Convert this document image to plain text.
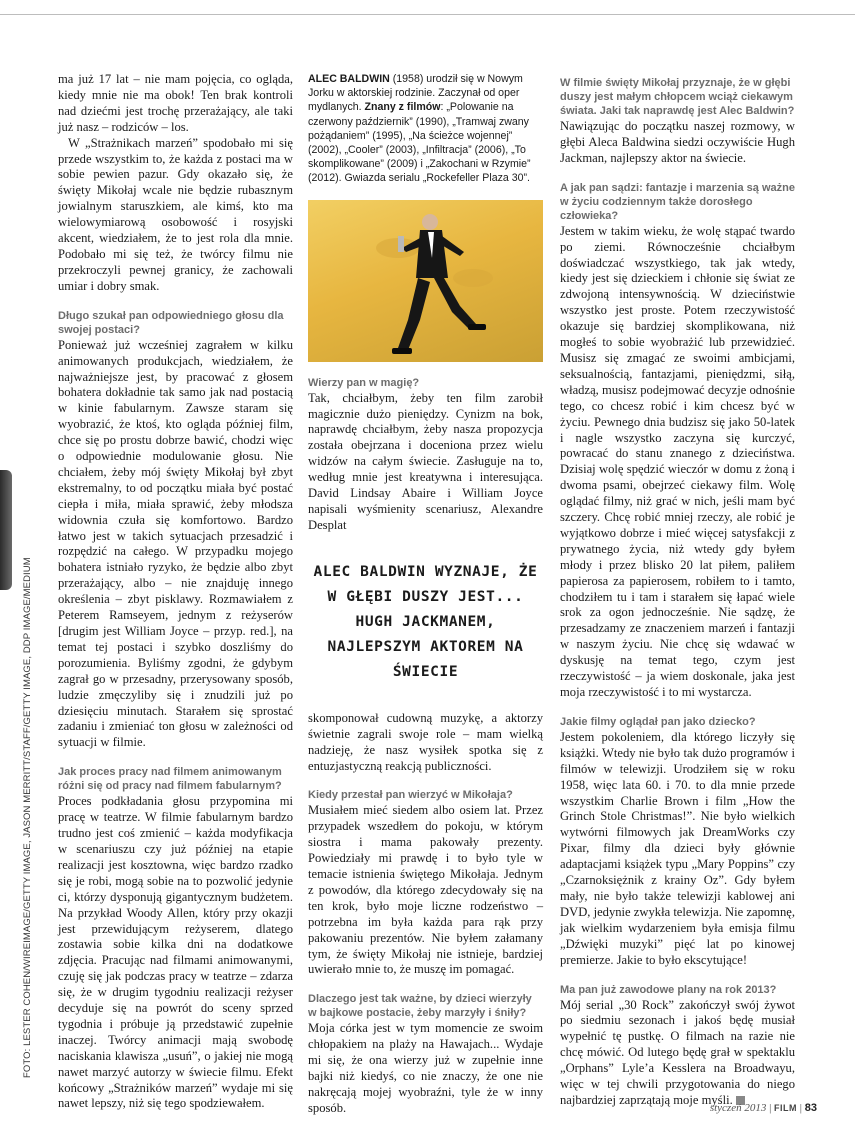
FOTO: LESTER COHEN/WIREIMAGE/GETTY IMAGE, JASON MERRITT/STAFF/GETTY IMAGE, DDP IMAGE/MEDIUM

ma już 17 lat – nie mam pojęcia, co ogląda, kiedy mnie nie ma obok! Ten brak kontroli nad dziećmi jest trochę przerażający, ale taki już nasz – rodziców – los.

W „Strażnikach marzeń” spodobało mi się przede wszystkim to, że każda z postaci ma w sobie pewien pazur. Gdy okazało się, że święty Mikołaj wcale nie będzie rubasznym jowialnym staruszkiem, ale kimś, kto ma wielowymiarową osobowość i rosyjski akcent, wiedziałem, że to jest rola dla mnie. Podobało mi się też, że twórcy filmu nie przekroczyli pewnej granicy, że zachowali umiar i dobry smak.

Długo szukał pan odpowiedniego głosu dla swojej postaci?

Ponieważ już wcześniej zagrałem w kilku animowanych produkcjach, wiedziałem, że najważniejsze jest, by pracować z głosem bohatera dokładnie tak samo jak nad postacią w kinie fabularnym. Zawsze staram się wyobrazić, że ktoś, kto ogląda później film, chce się po prostu dobrze bawić, chodzi więc o odpowiednie modulowanie głosu. Nie chciałem, żeby mój święty Mikołaj był zbyt ekstremalny, to od początku miała być postać ciepła i miła, miała sprawić, żeby młodsza widownia czuła się komfortowo. Bardzo łatwo jest w takich sytuacjach przesadzić i rozpędzić na całego. W przypadku mojego bohatera istniało ryzyko, że będzie albo zbyt przerażający, albo – nie znajduję innego określenia – zbyt pisklawy. Rozmawiałem z Peterem Ramseyem, jednym z reżyserów [drugim jest William Joyce – przyp. red.], na temat tej postaci i szybko doszliśmy do porozumienia. Byliśmy zgodni, że gdybym zagrał go w przesadny, przerysowany sposób, ludzie zmęczyliby się i znudzili już po dziesięciu minutach. Starałem się sprostać zadaniu i zmieniać ton głosu w zależności od sytuacji w filmie.

Jak proces pracy nad filmem animowanym różni się od pracy nad filmem fabularnym?

Proces podkładania głosu przypomina mi pracę w teatrze. W filmie fabularnym bardzo trudno jest coś zmienić – każda modyfikacja w scenariuszu czy już później na etapie realizacji jest kosztowna, więc bardzo rzadko się je robi, mogą sobie na to pozwolić jedynie ci, którzy dysponują gigantycznym budżetem. Na przykład Woody Allen, który przy okazji jest przewidującym reżyserem, dlatego zostawia sobie kilka dni na dodatkowe zdjęcia. Pracując nad filmami animowanymi, czuję się jak podczas pracy w teatrze – zdarza się, że w drugim tygodniu realizacji reżyser decyduje się na powrót do sceny sprzed tygodnia i próbuje ją przedstawić zupełnie inaczej. Twórcy animacji mają swobodę naciskania klawisza „usuń”, o jakiej nie mogą nawet marzyć autorzy w świecie filmu. Efekt końcowy „Strażników marzeń” wydaje mi się nawet lepszy, niż się tego spodziewałem.

ALEC BALDWIN (1958) urodził się w Nowym Jorku w aktorskiej rodzinie. Zaczynał od oper mydlanych. Znany z filmów: „Polowanie na czerwony październik” (1990), „Tramwaj zwany pożądaniem” (1995), „Na ścieżce wojennej” (2002), „Cooler” (2003), „Infiltracja” (2006), „To skomplikowane” (2009) i „Zakochani w Rzymie” (2012). Gwiazda serialu „Rockefeller Plaza 30”.

Wierzy pan w magię?

Tak, chciałbym, żeby ten film zarobił magicznie dużo pieniędzy. Cynizm na bok, naprawdę chciałbym, żeby nasza propozycja została obejrzana i doceniona przez wielu widzów na całym świecie. Zasługuje na to, według mnie jest kreatywna i interesująca. David Lindsay Abaire i William Joyce napisali wyśmienity scenariusz, Alexandre Desplat

ALEC BALDWIN WYZNAJE, ŻE W GŁĘBI DUSZY JEST... HUGH JACKMANEM, NAJLEPSZYM AKTOREM NA ŚWIECIE

skomponował cudowną muzykę, a aktorzy świetnie zagrali swoje role – mam wielką nadzieję, że nasz wysiłek spotka się z entuzjastyczną reakcją publiczności.

Kiedy przestał pan wierzyć w Mikołaja?

Musiałem mieć siedem albo osiem lat. Przez przypadek wszedłem do pokoju, w którym siostra i mama pakowały prezenty. Powiedziały mi prawdę i to było tyle w temacie istnienia świętego Mikołaja. Jednym z powodów, dla którego zdecydowały się na ten krok, było moje liczne rodzeństwo – potrzebna im była każda para rąk przy pakowaniu prezentów. Nie byłem załamany tym, że święty Mikołaj nie istnieje, bardziej uwierało mnie to, że muszę im pomagać.

Dlaczego jest tak ważne, by dzieci wierzyły w bajkowe postacie, żeby marzyły i śniły?

Moja córka jest w tym momencie ze swoim chłopakiem na plaży na Hawajach... Wydaje mi się, że ona wierzy już w zupełnie inne bajki niż kiedyś, co nie znaczy, że one nie nakręcają mojej wyobraźni, tyle że w inny sposób.

W filmie święty Mikołaj przyznaje, że w głębi duszy jest małym chłopcem wciąż ciekawym świata. Jaki tak naprawdę jest Alec Baldwin?

Nawiązując do początku naszej rozmowy, w głębi Aleca Baldwina siedzi oczywiście Hugh Jackman, najlepszy aktor na świecie.

A jak pan sądzi: fantazje i marzenia są ważne w życiu codziennym także dorosłego człowieka?

Jestem w takim wieku, że wolę stąpać twardo po ziemi. Równocześnie chciałbym doświadczać wszystkiego, tak jak wtedy, kiedy jest się dzieckiem i chłonie się świat ze zdwojoną intensywnością. W dzieciństwie wszystko jest proste. Potem rzeczywistość okazuje się bardziej skomplikowana, niż mogłeś to sobie wyobrażić lub przewidzieć. Musisz się zmagać ze swoimi ambicjami, seksualnością, fantazjami, pieniędzmi, siłą, władzą, musisz podejmować decyzje odnośnie tego, co chcesz robić i kim chcesz być w życiu. Pewnego dnia budzisz się jako 50-latek i nagle wszystko zaczyna się kurczyć, powracać do stanu znanego z dzieciństwa. Dzisiaj wolę spędzić wieczór w domu z żoną i dwoma psami, obejrzeć ciekawy film. Wolę oglądać filmy, niż grać w nich, jeśli mam być szczery. Chcę robić mniej rzeczy, ale robić je wyjątkowo dobrze i mieć więcej satysfakcji z prywatnego życia, niż wtedy gdy byłem młody i przez blisko 20 lat piłem, paliłem papierosa za papierosem, robiłem to i tamto, chodziłem tu i tam i starałem się łapać wiele srok za ogon jednocześnie. Nie sądzę, że przesadzamy ze znaczeniem marzeń i fantazji w naszym życiu. Nie chcę się wdawać w dyskusję na temat tego, czym jest rzeczywistość – ja wiem doskonale, jaka jest moja rzeczywistość i to mi wystarcza.

Jakie filmy oglądał pan jako dziecko?

Jestem pokoleniem, dla którego liczyły się książki. Wtedy nie było tak dużo programów i filmów w telewizji. Urodziłem się w roku 1958, więc lata 60. i 70. to dla mnie przede wszystkim Charlie Brown i film „How the Grinch Stole Christmas!”. Nie było wielkich wytwórni filmowych jak DreamWorks czy Pixar, filmy dla dzieci były głównie adaptacjami książek typu „Mary Poppins” czy „Czarnoksiężnik z krainy Oz”. Gdy byłem mały, nie było także telewizji kablowej ani DVD, jedynie zwykła telewizja. Nie zapomnę, jak wielkim wydarzeniem była emisja filmu „Dźwięki muzyki” pięć lat po kinowej premierze. Jakie to było ekscytujące!

Ma pan już zawodowe plany na rok 2013?

Mój serial „30 Rock” zakończył swój żywot po siedmiu sezonach i jakoś będę musiał wypełnić tę pustkę. O filmach na razie nie chcę mówić. Od lutego będę grał w spektaklu „Orphans” Lyle’a Kesslera na Broadwayu, więc w tej chwili przygotowania do niego najbardziej zaprzątają moje myśli.

styczeń 2013 | FILM | 83
